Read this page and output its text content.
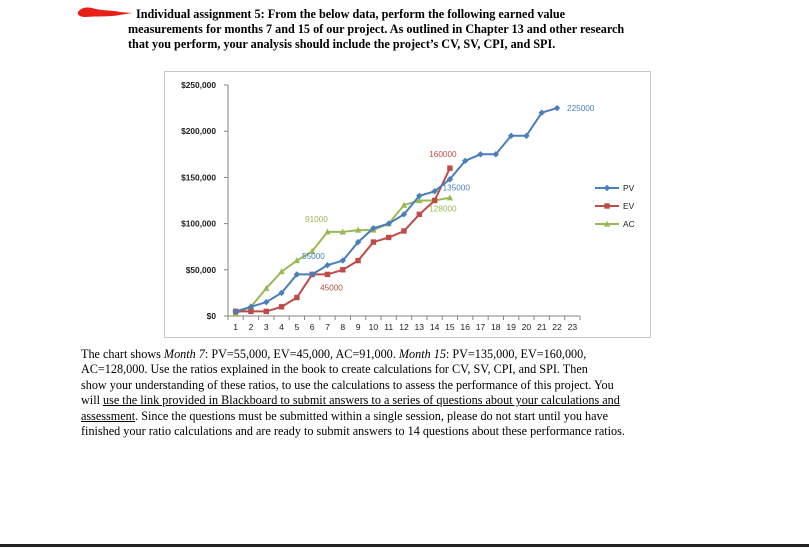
Individual assignment 5: From the below data, perform the following earned value
measurements for months 7 and 15 of our project. As outlined in Chapter 13 and other research
that you perform, your analysis should include the project’s CV, SV, CPI, and SPI.
$0
$50,000
$100,000
$150,000
$200,000
$250,000
1 2 3 4 5 6 7 8 9 10 11 12 13 14 15 16 17 18 19 20 21 22 23
225000
160000
135000
128000
91000
55000
45000
PV
EV
AC
The chart shows Month 7: PV=55,000, EV=45,000, AC=91,000. Month 15: PV=135,000, EV=160,000,
AC=128,000. Use the ratios explained in the book to create calculations for CV, SV, CPI, and SPI. Then
show your understanding of these ratios, to use the calculations to assess the performance of this project. You
will use the link provided in Blackboard to submit answers to a series of questions about your calculations and
assessment. Since the questions must be submitted within a single session, please do not start until you have
finished your ratio calculations and are ready to submit answers to 14 questions about these performance ratios.
